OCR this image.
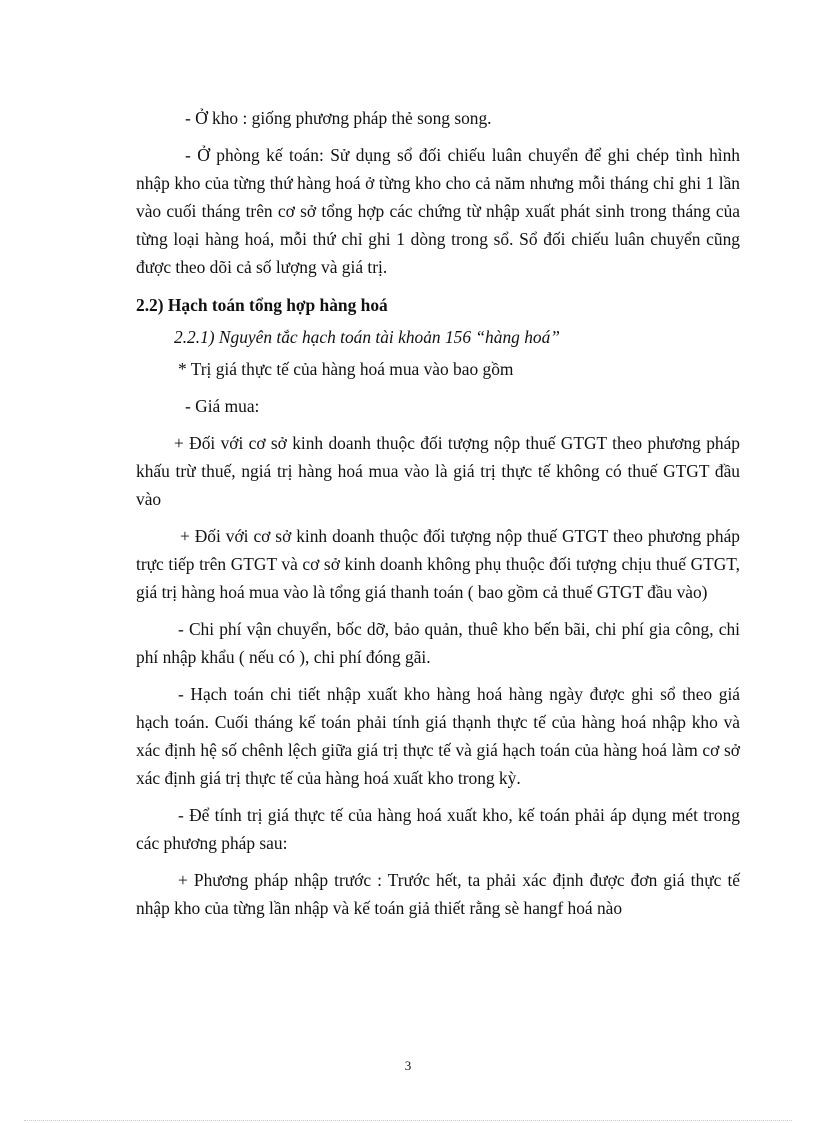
- Ở kho : giống phương pháp thẻ song song.

- Ở phòng kế toán: Sử dụng sổ đối chiếu luân chuyển để ghi chép tình hình nhập kho của từng thứ hàng hoá ở từng kho cho cả năm nhưng mỗi tháng chỉ ghi 1 lần vào cuối tháng trên cơ sở tổng hợp các chứng từ nhập xuất phát sinh trong tháng của từng loại hàng hoá, mỗi thứ chỉ ghi 1 dòng trong sổ. Sổ đối chiếu luân chuyển cũng được theo dõi cả số lượng và giá trị.

2.2) Hạch toán tổng hợp hàng hoá

2.2.1) Nguyên tắc hạch toán tài khoản 156 “hàng hoá”

* Trị giá thực tế của hàng hoá mua vào bao gồm

- Giá mua:

+ Đối với cơ sở kinh doanh thuộc đối tượng nộp thuế GTGT theo phương pháp khấu trừ thuế, ngiá trị hàng hoá mua vào là giá trị thực tế không có thuế GTGT đầu vào

+ Đối với cơ sở kinh doanh thuộc đối tượng nộp thuế GTGT theo phương pháp trực tiếp trên GTGT và cơ sở kinh doanh không phụ thuộc đối tượng chịu thuế GTGT, giá trị hàng hoá mua vào là tổng giá thanh toán ( bao gồm cả thuế GTGT đầu vào)

- Chi phí vận chuyển, bốc dỡ, bảo quản, thuê kho bến bãi, chi phí gia công, chi phí nhập khẩu ( nếu có ), chi phí đóng gãi.

- Hạch toán chi tiết nhập xuất kho hàng hoá hàng ngày được ghi sổ theo giá hạch toán. Cuối tháng kế toán phải tính giá thạnh thực tế của hàng hoá nhập kho và xác định hệ số chênh lệch giữa giá trị thực tế và giá hạch toán của hàng hoá làm cơ sở xác định giá trị thực tế của hàng hoá xuất kho trong kỳ.

- Để tính trị giá thực tế của hàng hoá xuất kho, kế toán phải áp dụng mét trong các phương pháp sau:

+ Phương pháp nhập trước : Trước hết, ta phải xác định được đơn giá thực tế nhập kho của từng lần nhập và kế toán giả thiết rằng sè hangf hoá nào

3
